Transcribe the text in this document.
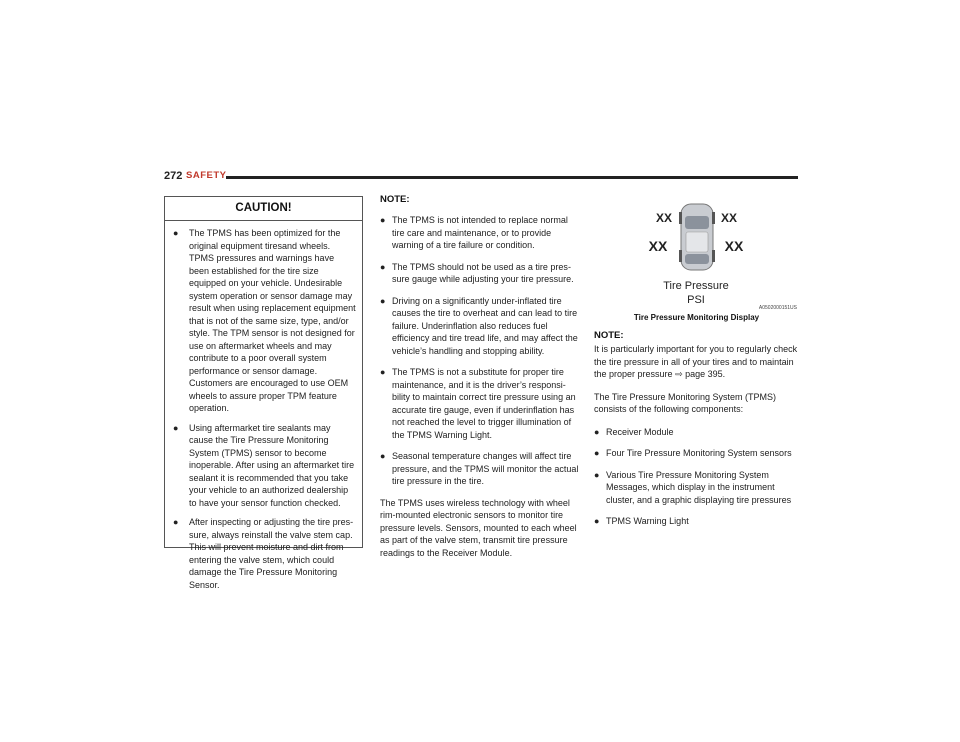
272 SAFETY
CAUTION!
● The TPMS has been optimized for the original equipment tiresand wheels. TPMS pressures and warnings have been established for the tire size equipped on your vehicle. Undesirable system operation or sensor damage may result when using replacement equipment that is not of the same size, type, and/or style. The TPM sensor is not designed for use on aftermarket wheels and may contribute to a poor overall system performance or sensor damage. Customers are encouraged to use OEM wheels to assure proper TPM feature operation.
● Using aftermarket tire sealants may cause the Tire Pressure Monitoring System (TPMS) sensor to become inoperable. After using an aftermarket tire sealant it is recommended that you take your vehicle to an authorized dealership to have your sensor function checked.
● After inspecting or adjusting the tire pressure, always reinstall the valve stem cap. This will prevent moisture and dirt from entering the valve stem, which could damage the Tire Pressure Monitoring Sensor.
NOTE:
● The TPMS is not intended to replace normal tire care and maintenance, or to provide warning of a tire failure or condition.
● The TPMS should not be used as a tire pressure gauge while adjusting your tire pressure.
● Driving on a significantly under-inflated tire causes the tire to overheat and can lead to tire failure. Underinflation also reduces fuel efficiency and tire tread life, and may affect the vehicle’s handling and stopping ability.
● The TPMS is not a substitute for proper tire maintenance, and it is the driver’s responsibility to maintain correct tire pressure using an accurate tire gauge, even if underinflation has not reached the level to trigger illumination of the TPMS Warning Light.
● Seasonal temperature changes will affect tire pressure, and the TPMS will monitor the actual tire pressure in the tire.

The TPMS uses wireless technology with wheel rim-mounted electronic sensors to monitor tire pressure levels. Sensors, mounted to each wheel as part of the valve stem, transmit tire pressure readings to the Receiver Module.

XX	XX
XX	XX
Tire Pressure
PSI
A0502000151US
Tire Pressure Monitoring Display
NOTE:

It is particularly important for you to regularly check the tire pressure in all of your tires and to maintain the proper pressure ⇨ page 395.

The Tire Pressure Monitoring System (TPMS) consists of the following components:

● Receiver Module
● Four Tire Pressure Monitoring System sensors
● Various Tire Pressure Monitoring System Messages, which display in the instrument cluster, and a graphic displaying tire pressures
● TPMS Warning Light
